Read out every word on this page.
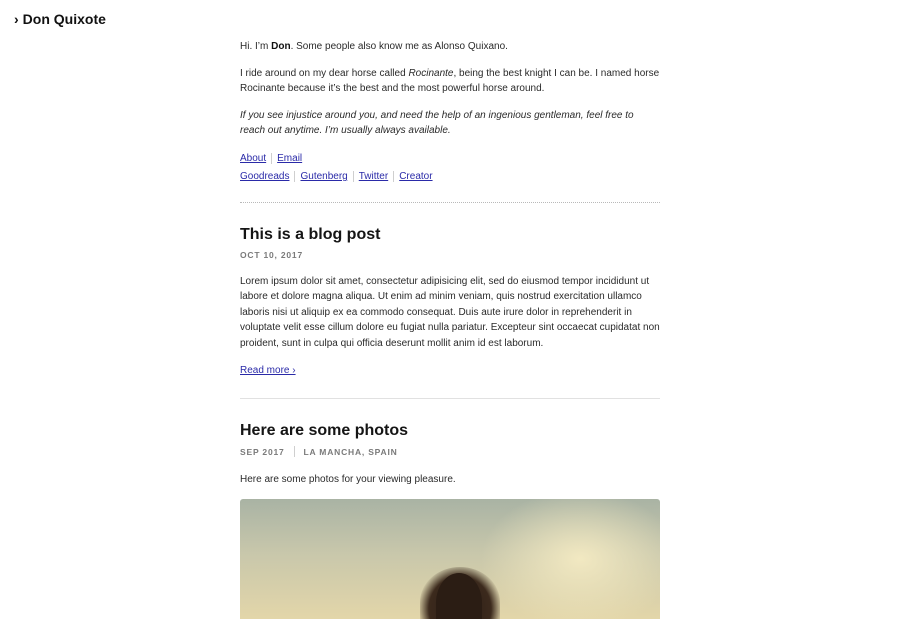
› Don Quixote

Hi. I’m Don. Some people also know me as Alonso Quixano.

I ride around on my dear horse called Rocinante, being the best knight I can be. I named horse Rocinante because it’s the best and the most powerful horse around.

If you see injustice around you, and need the help of an ingenious gentleman, feel free to reach out anytime. I’m usually always available.

About Email
Goodreads Gutenberg Twitter Creator
This is a blog post
OCT 10, 2017

Lorem ipsum dolor sit amet, consectetur adipisicing elit, sed do eiusmod tempor incididunt ut labore et dolore magna aliqua. Ut enim ad minim veniam, quis nostrud exercitation ullamco laboris nisi ut aliquip ex ea commodo consequat. Duis aute irure dolor in reprehenderit in voluptate velit esse cillum dolore eu fugiat nulla pariatur. Excepteur sint occaecat cupidatat non proident, sunt in culpa qui officia deserunt mollit anim id est laborum.

Read more ›
Here are some photos
SEP 2017 LA MANCHA, SPAIN

Here are some photos for your viewing pleasure.
